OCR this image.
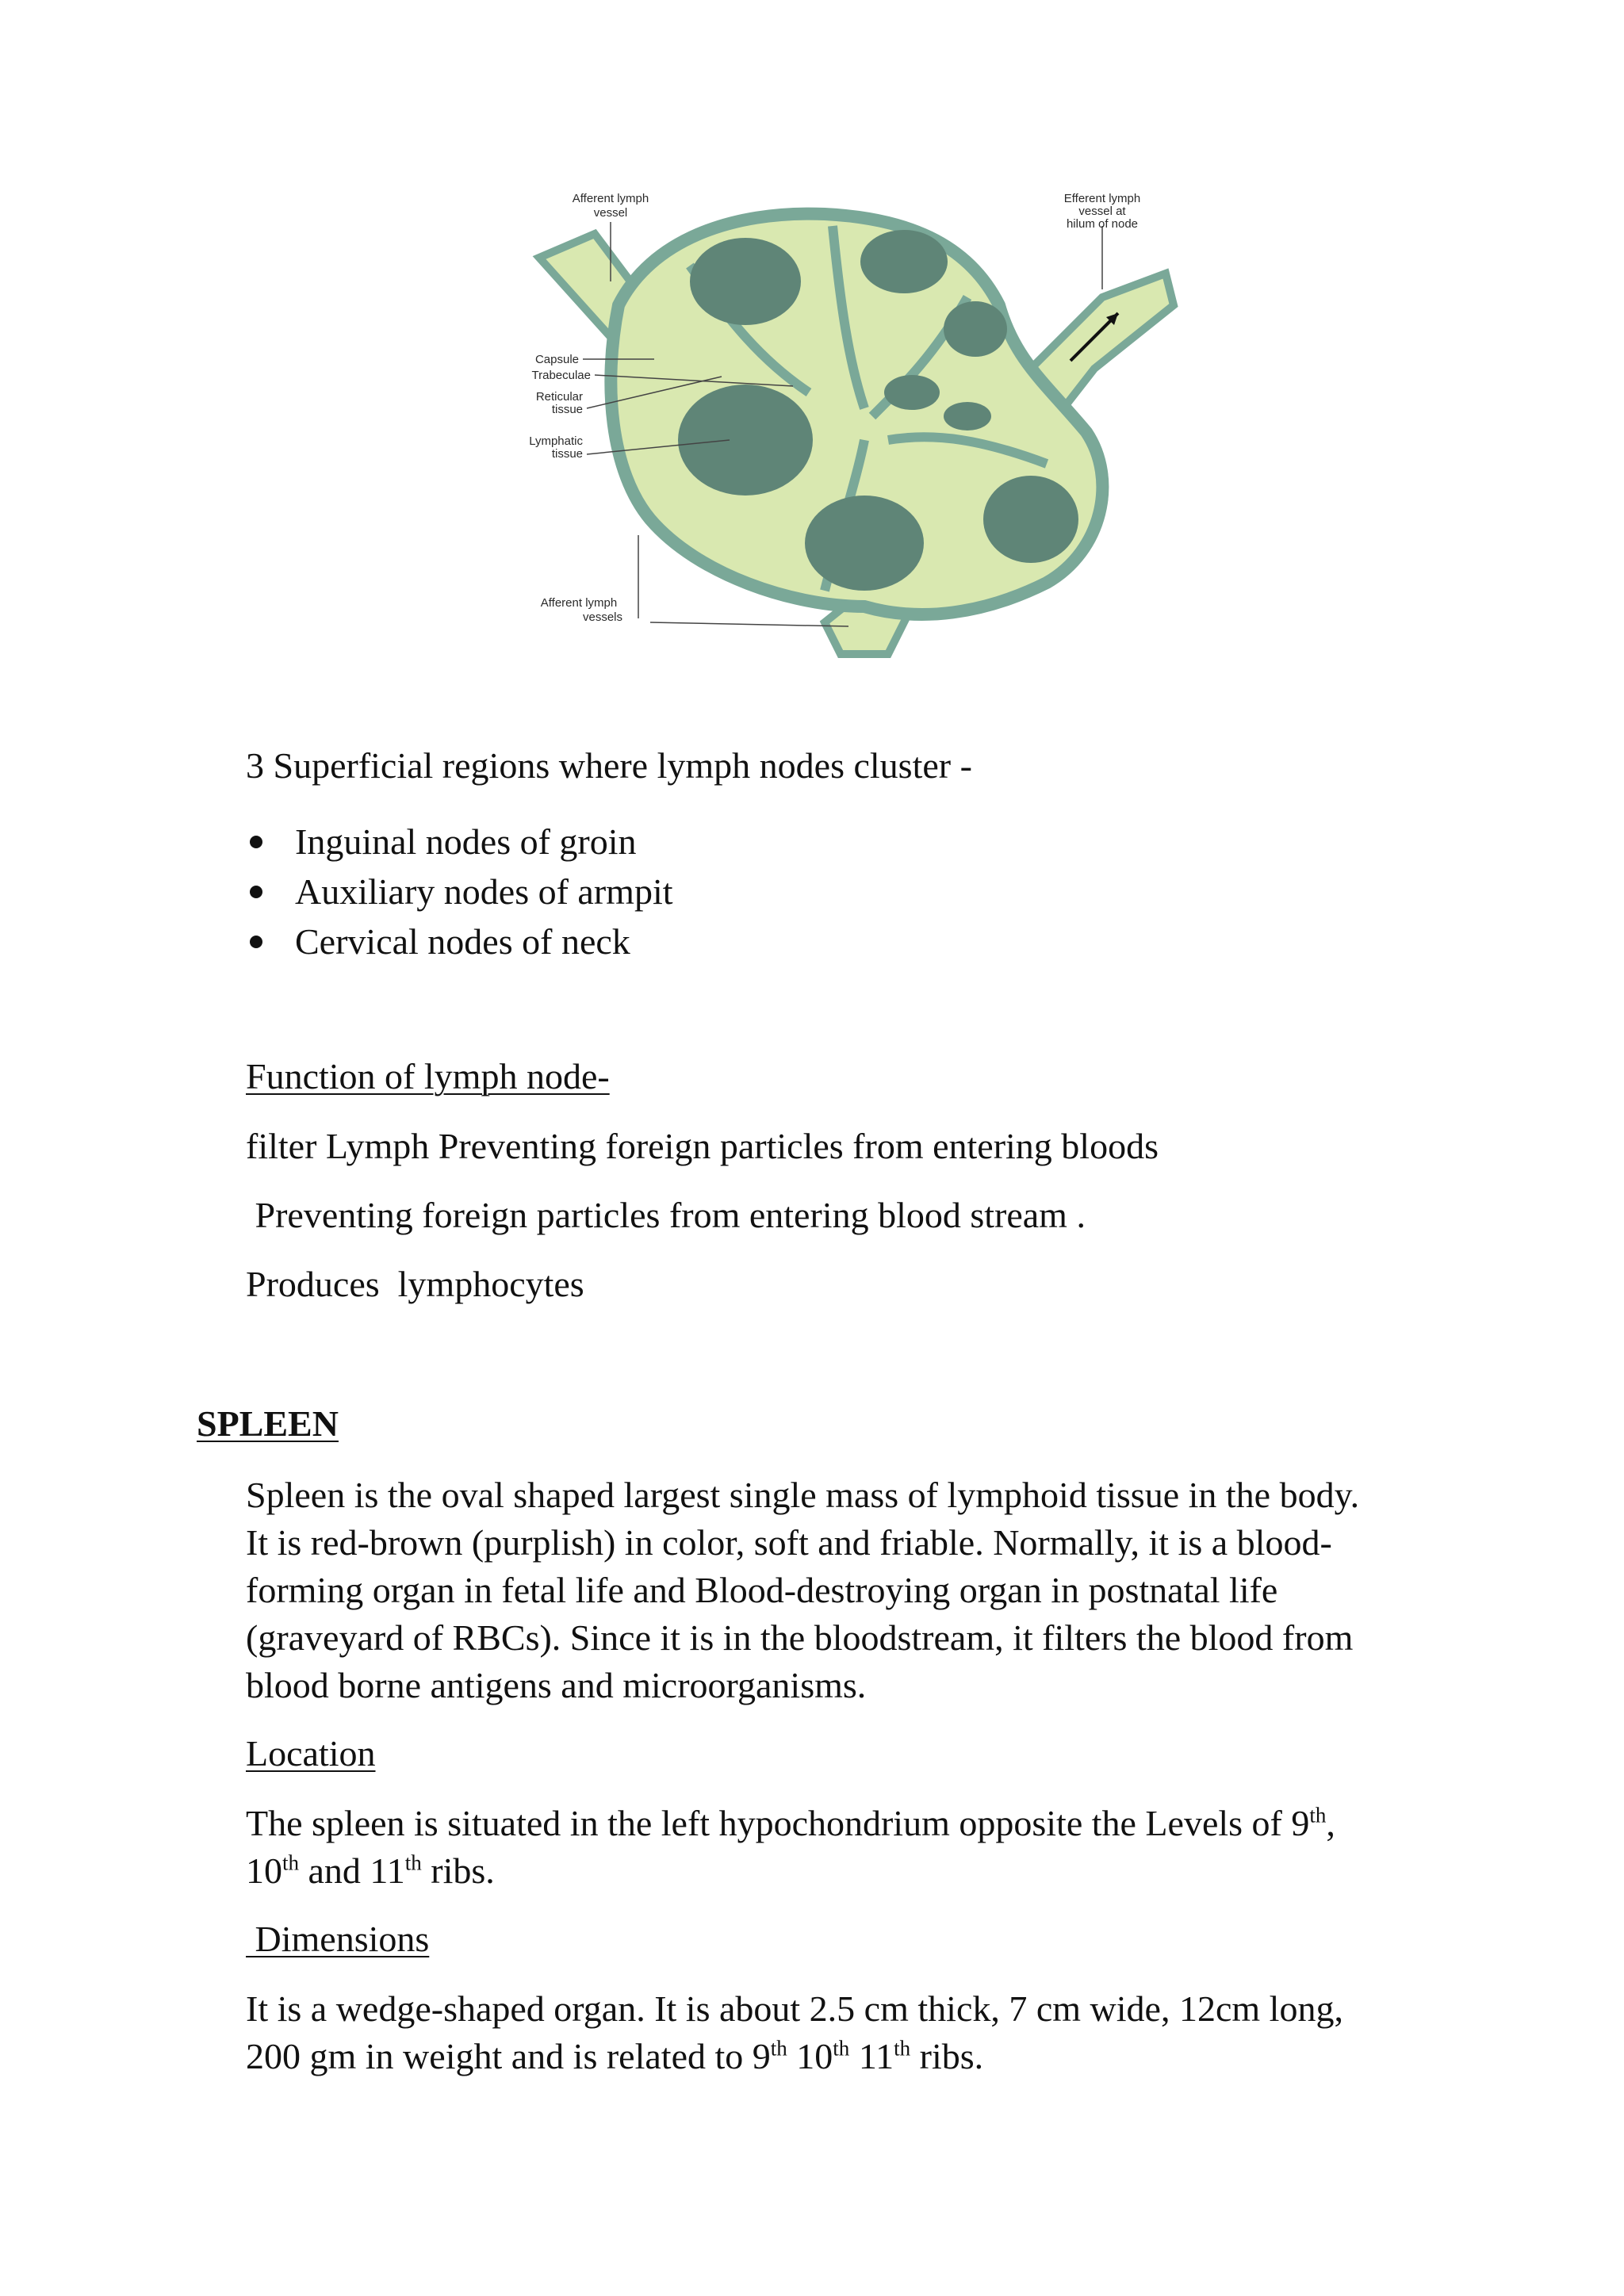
Afferent lymph
vessel
Efferent lymph
vessel at
hilum of node
Capsule
Trabeculae
Reticular
tissue
Lymphatic
tissue
Afferent lymph
vessels
3 Superficial regions where lymph nodes cluster -
Inguinal nodes of groin
Auxiliary nodes of armpit
Cervical nodes of neck
Function of lymph node-
filter Lymph Preventing foreign particles from entering bloods
Preventing foreign particles from entering blood stream .
Produces  lymphocytes
SPLEEN
Spleen is the oval shaped largest single mass of lymphoid tissue in the body.
It is red-brown (purplish) in color, soft and friable. Normally, it is a blood-
forming organ in fetal life and Blood-destroying organ in postnatal life
(graveyard of RBCs). Since it is in the bloodstream, it filters the blood from
blood borne antigens and microorganisms.
Location
The spleen is situated in the left hypochondrium opposite the Levels of 9th,
10th and 11th ribs.
Dimensions
It is a wedge-shaped organ. It is about 2.5 cm thick, 7 cm wide, 12cm long,
200 gm in weight and is related to 9th 10th 11th ribs.
